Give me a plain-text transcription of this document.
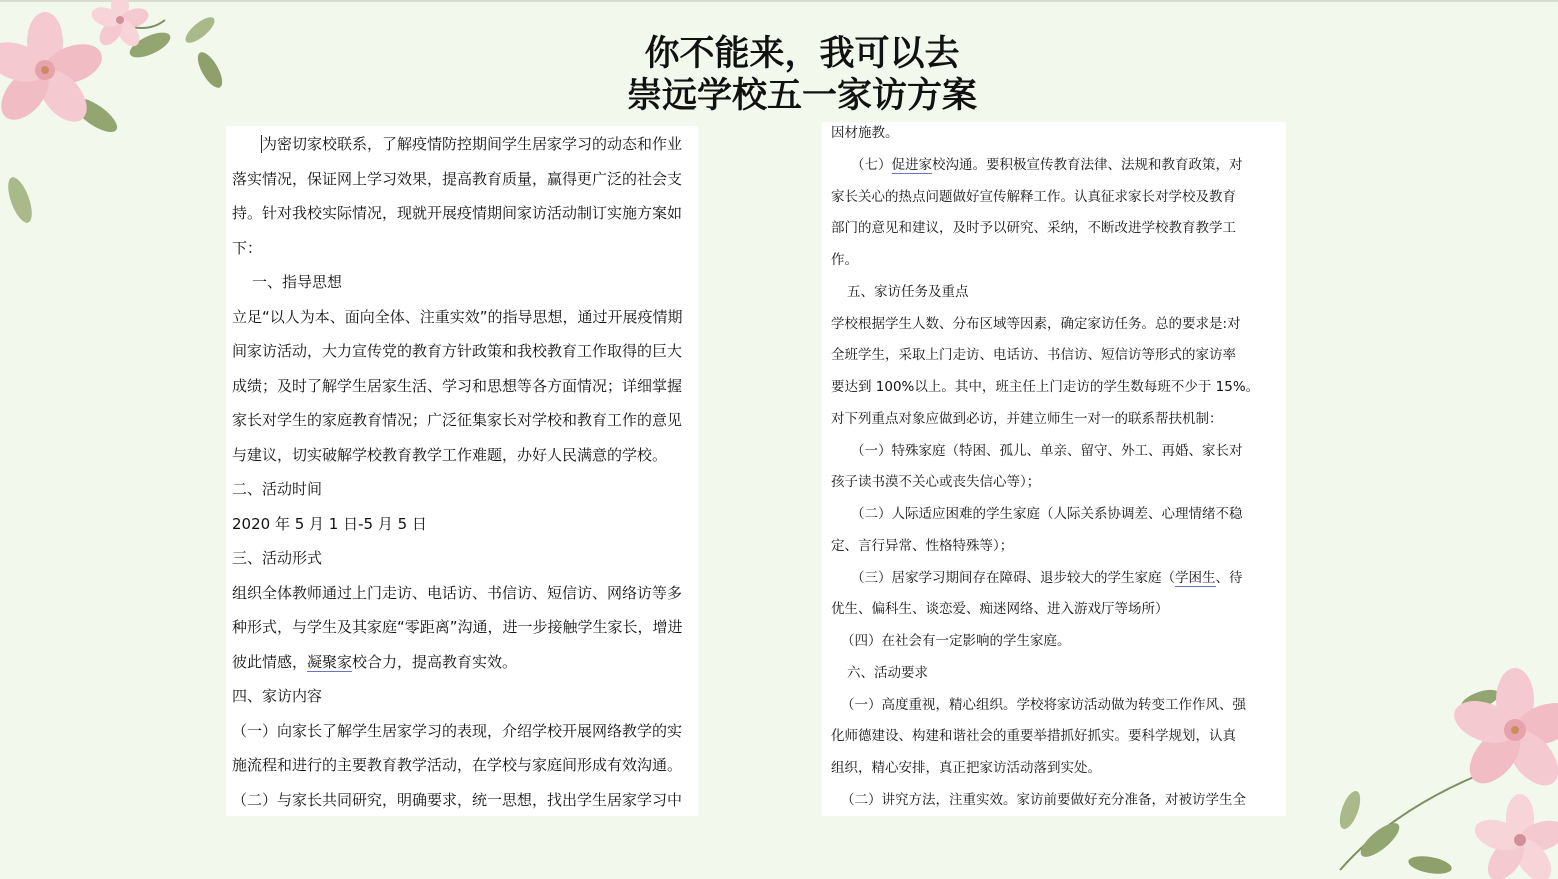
你不能来，我可以去
崇远学校五一家访方案

为密切家校联系，了解疫情防控期间学生居家学习的动态和作业

落实情况，保证网上学习效果，提高教育质量，赢得更广泛的社会支

持。针对我校实际情况，现就开展疫情期间家访活动制订实施方案如

下：

一、指导思想

立足“以人为本、面向全体、注重实效”的指导思想，通过开展疫情期

间家访活动，大力宣传党的教育方针政策和我校教育工作取得的巨大

成绩；及时了解学生居家生活、学习和思想等各方面情况；详细掌握

家长对学生的家庭教育情况；广泛征集家长对学校和教育工作的意见

与建议，切实破解学校教育教学工作难题，办好人民满意的学校。

二、活动时间

2020 年 5 月 1 日-5 月 5 日

三、活动形式

组织全体教师通过上门走访、电话访、书信访、短信访、网络访等多

种形式，与学生及其家庭“零距离”沟通，进一步接触学生家长，增进

彼此情感，凝聚家校合力，提高教育实效。

四、家访内容

（一）向家长了解学生居家学习的表现，介绍学校开展网络教学的实

施流程和进行的主要教育教学活动，在学校与家庭间形成有效沟通。

（二）与家长共同研究，明确要求，统一思想，找出学生居家学习中

因材施教。

（七）促进家校沟通。要积极宣传教育法律、法规和教育政策，对

家长关心的热点问题做好宣传解释工作。认真征求家长对学校及教育

部门的意见和建议，及时予以研究、采纳，不断改进学校教育教学工

作。

五、家访任务及重点

学校根据学生人数、分布区域等因素，确定家访任务。总的要求是:对

全班学生，采取上门走访、电话访、书信访、短信访等形式的家访率

要达到 100%以上。其中，班主任上门走访的学生数每班不少于 15%。

对下列重点对象应做到必访，并建立师生一对一的联系帮扶机制：

（一）特殊家庭（特困、孤儿、单亲、留守、外工、再婚、家长对

孩子读书漠不关心或丧失信心等）；

（二）人际适应困难的学生家庭（人际关系协调差、心理情绪不稳

定、言行异常、性格特殊等）；

（三）居家学习期间存在障碍、退步较大的学生家庭（学困生、待

优生、偏科生、谈恋爱、痴迷网络、进入游戏厅等场所）

（四）在社会有一定影响的学生家庭。

六、活动要求

（一）高度重视，精心组织。学校将家访活动做为转变工作作风、强

化师德建设、构建和谐社会的重要举措抓好抓实。要科学规划，认真

组织，精心安排，真正把家访活动落到实处。

（二）讲究方法，注重实效。家访前要做好充分准备，对被访学生全
